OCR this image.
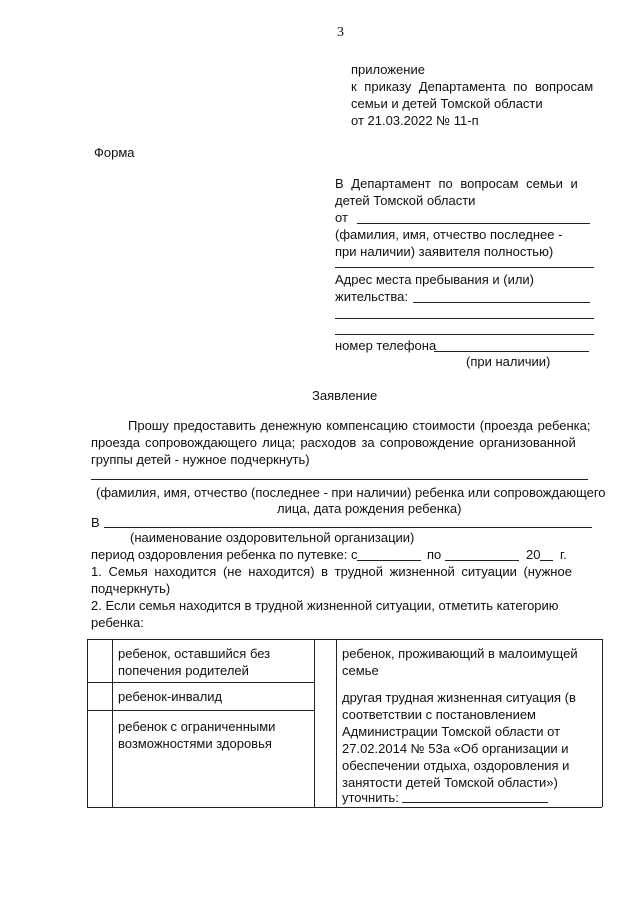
3
приложение
к приказу Департамента по вопросам
семьи и детей Томской области
от 21.03.2022 № 11-п
Форма
В Департамент по вопросам семьи и
детей Томской области
от
(фамилия, имя, отчество последнее -
при наличии) заявителя полностью)
Адрес места пребывания и (или)
жительства:
номер телефона
(при наличии)
Заявление
Прошу предоставить денежную компенсацию стоимости (проезда ребенка;
проезда сопровождающего лица; расходов за сопровождение организованной
группы детей - нужное подчеркнуть)
(фамилия, имя, отчество (последнее - при наличии) ребенка или сопровождающего
лица, дата рождения ребенка)
В
(наименование оздоровительной организации)
период оздоровления ребенка по путевке: с	по	20 г.
1. Семья находится (не находится) в трудной жизненной ситуации (нужное
подчеркнуть)
2. Если семья находится в трудной жизненной ситуации, отметить категорию
ребенка:
ребенок, оставшийся без попечения родителей
ребенок, проживающий в малоимущей семье
ребенок-инвалид
ребенок с ограниченными возможностями здоровья
другая трудная жизненная ситуация (в соответствии с постановлением Администрации Томской области от 27.02.2014 № 53а «Об организации и обеспечении отдыха, оздоровления и занятости детей Томской области»)
уточнить:
